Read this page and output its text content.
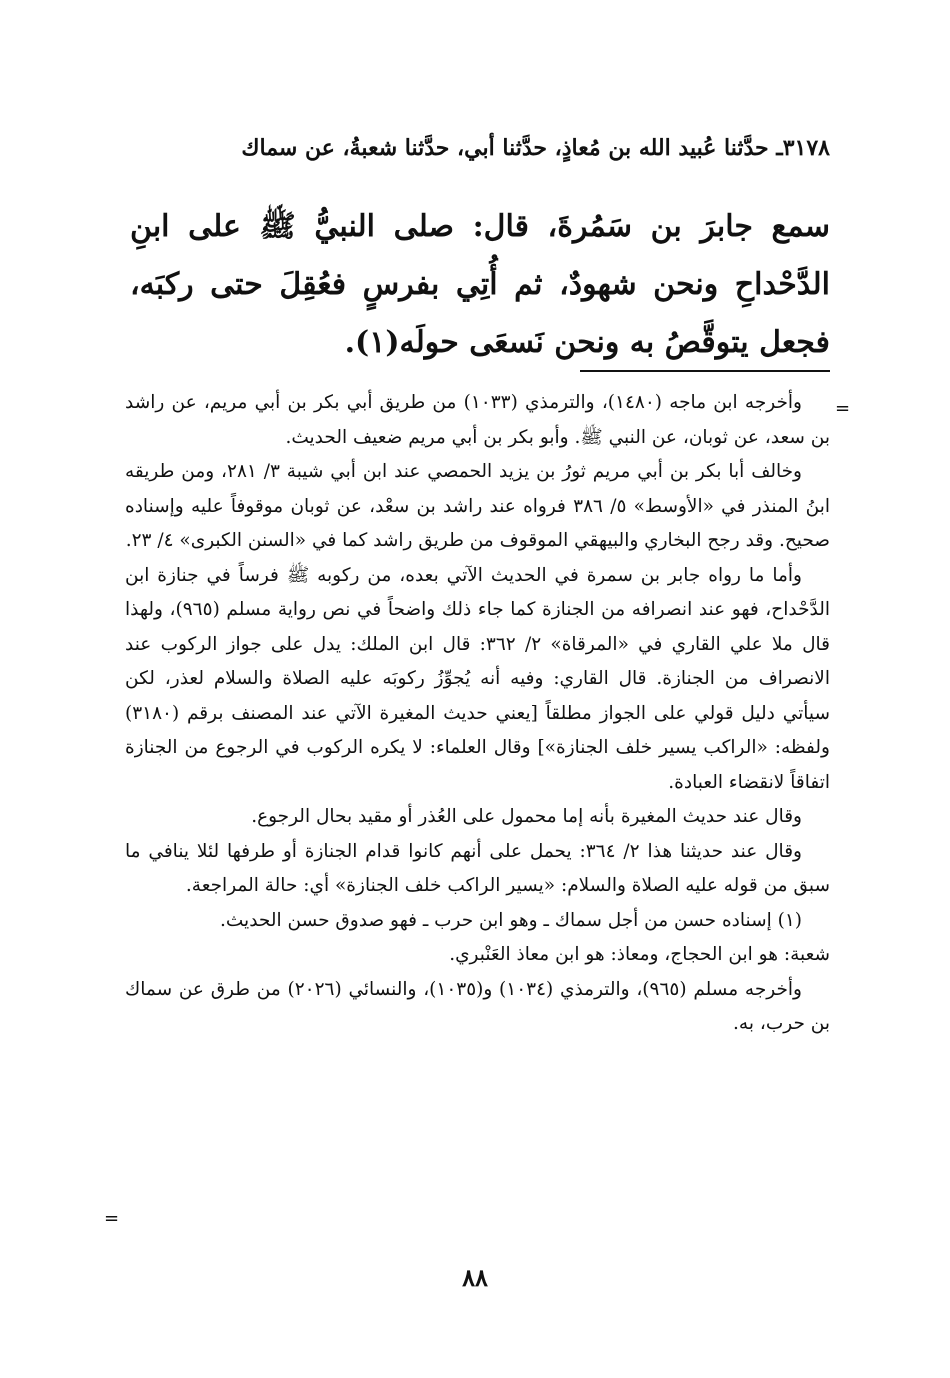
٣١٧٨ـ حدَّثنا عُبيد الله بن مُعاذٍ، حدَّثنا أبي، حدَّثنا شعبةُ، عن سماك
سمع جابرَ بن سَمُرةَ، قال: صلى النبيُّ ﷺ على ابنِ الدَّحْداحِ ونحن شهودٌ، ثم أُتِي بفرسٍ فعُقِلَ حتى ركبَه، فجعل يتوقَّصُ به ونحن نَسعَى حولَه(١).
=

وأخرجه ابن ماجه (١٤٨٠)، والترمذي (١٠٣٣) من طريق أبي بكر بن أبي مريم، عن راشد بن سعد، عن ثوبان، عن النبي ﷺ. وأبو بكر بن أبي مريم ضعيف الحديث.

وخالف أبا بكر بن أبي مريم ثورُ بن يزيد الحمصي عند ابن أبي شيبة ٣/ ٢٨١، ومن طريقه ابنُ المنذر في «الأوسط» ٥/ ٣٨٦ فرواه عند راشد بن سعْد، عن ثوبان موقوفاً عليه وإسناده صحيح. وقد رجح البخاري والبيهقي الموقوف من طريق راشد كما في «السنن الكبرى» ٤/ ٢٣.

وأما ما رواه جابر بن سمرة في الحديث الآتي بعده، من ركوبه ﷺ فرساً في جنازة ابن الدَّحْداح، فهو عند انصرافه من الجنازة كما جاء ذلك واضحاً في نص رواية مسلم (٩٦٥)، ولهذا قال ملا علي القاري في «المرقاة» ٢/ ٣٦٢: قال ابن الملك: يدل على جواز الركوب عند الانصراف من الجنازة. قال القاري: وفيه أنه يُجوِّزُ ركوبَه عليه الصلاة والسلام لعذر، لكن سيأتي دليل قولي على الجواز مطلقاً [يعني حديث المغيرة الآتي عند المصنف برقم (٣١٨٠) ولفظه: «الراكب يسير خلف الجنازة»] وقال العلماء: لا يكره الركوب في الرجوع من الجنازة اتفاقاً لانقضاء العبادة.

وقال عند حديث المغيرة بأنه إما محمول على العُذر أو مقيد بحال الرجوع.

وقال عند حديثنا هذا ٢/ ٣٦٤: يحمل على أنهم كانوا قدام الجنازة أو طرفها لئلا ينافي ما سبق من قوله عليه الصلاة والسلام: «يسير الراكب خلف الجنازة» أي: حالة المراجعة.

(١) إسناده حسن من أجل سماك ـ وهو ابن حرب ـ فهو صدوق حسن الحديث.

شعبة: هو ابن الحجاج، ومعاذ: هو ابن معاذ العَنْبري.

وأخرجه مسلم (٩٦٥)، والترمذي (١٠٣٤) و(١٠٣٥)، والنسائي (٢٠٢٦) من طرق عن سماك بن حرب، به.

=
٨٨
